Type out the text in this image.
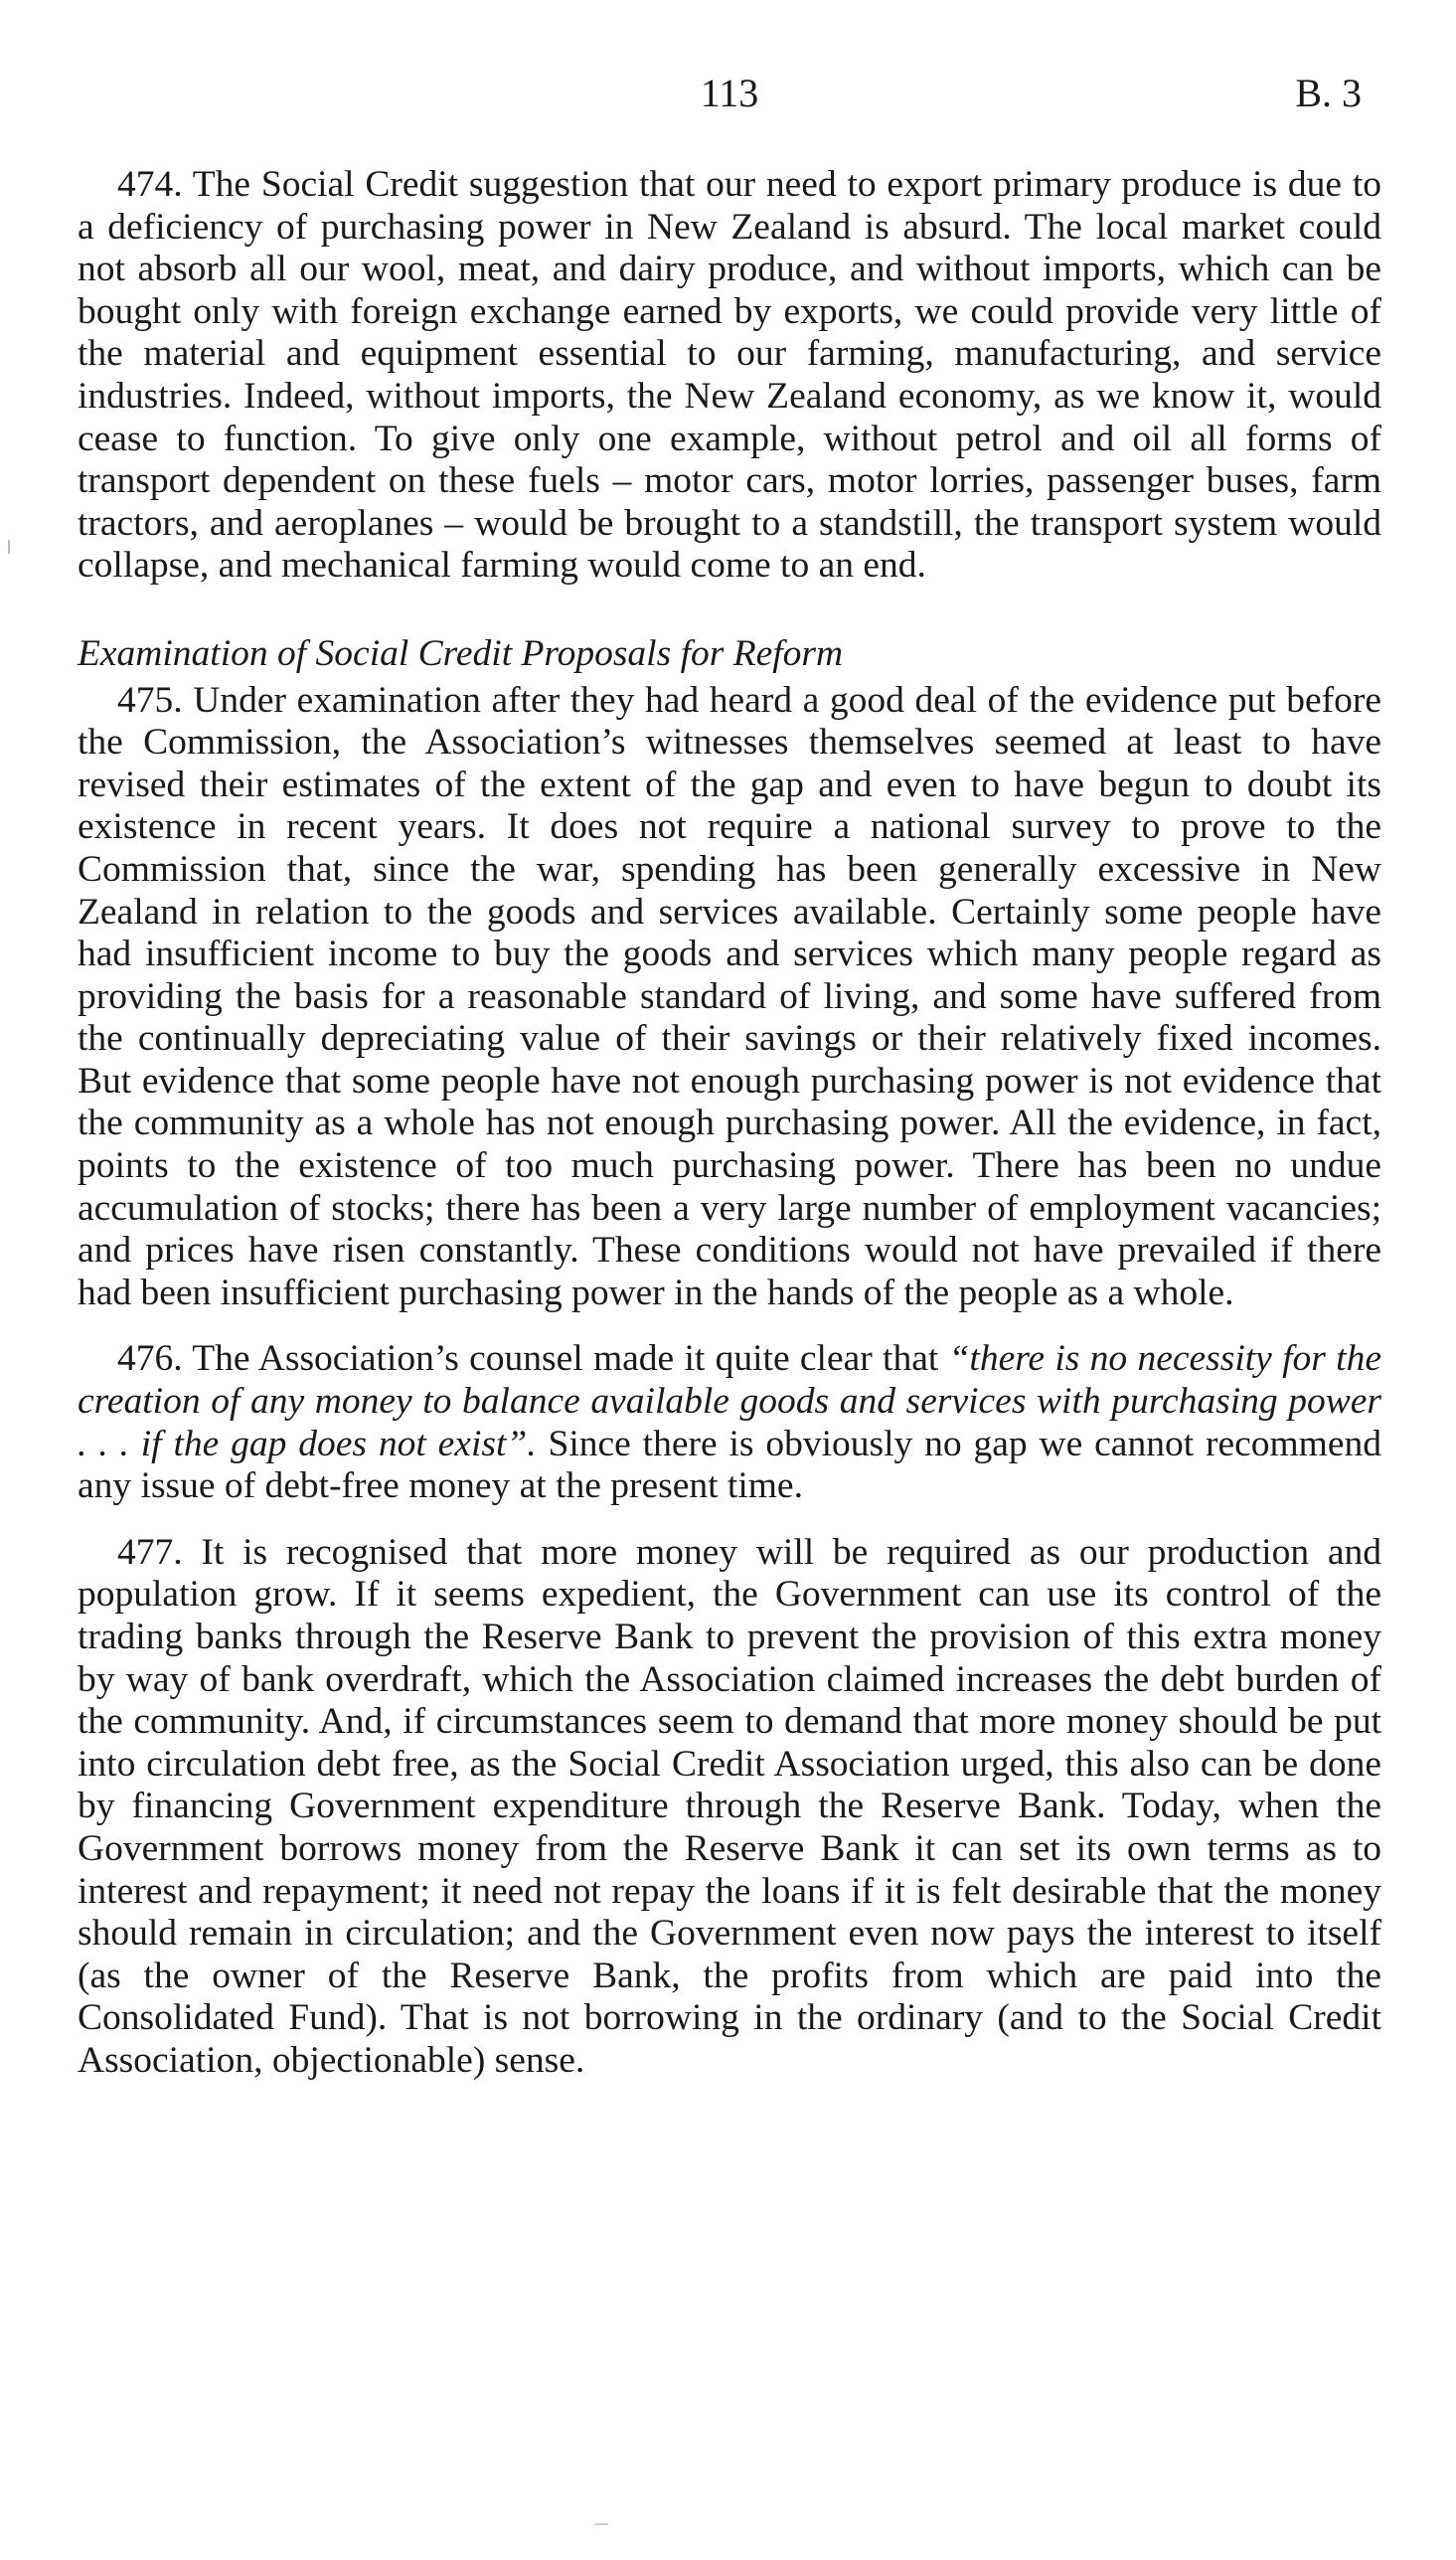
113	B. 3

474. The Social Credit suggestion that our need to export primary produce is due to a deficiency of purchasing power in New Zealand is absurd. The local market could not absorb all our wool, meat, and dairy produce, and without imports, which can be bought only with foreign exchange earned by exports, we could provide very little of the material and equipment essential to our farming, manufacturing, and service industries. Indeed, without imports, the New Zealand economy, as we know it, would cease to function. To give only one example, without petrol and oil all forms of transport dependent on these fuels – motor cars, motor lorries, passenger buses, farm tractors, and aeroplanes – would be brought to a standstill, the transport system would collapse, and mechanical farming would come to an end.

Examination of Social Credit Proposals for Reform

475. Under examination after they had heard a good deal of the evidence put before the Commission, the Association’s witnesses themselves seemed at least to have revised their estimates of the extent of the gap and even to have begun to doubt its existence in recent years. It does not require a national survey to prove to the Commission that, since the war, spending has been generally excessive in New Zealand in relation to the goods and services available. Certainly some people have had insufficient income to buy the goods and services which many people regard as providing the basis for a reasonable standard of living, and some have suffered from the continually depreciating value of their savings or their relatively fixed incomes. But evidence that some people have not enough purchasing power is not evidence that the community as a whole has not enough purchasing power. All the evidence, in fact, points to the existence of too much purchasing power. There has been no undue accumulation of stocks; there has been a very large number of employment vacancies; and prices have risen constantly. These conditions would not have prevailed if there had been insufficient purchasing power in the hands of the people as a whole.

476. The Association’s counsel made it quite clear that “there is no necessity for the creation of any money to balance available goods and services with purchasing power . . . if the gap does not exist”. Since there is obviously no gap we cannot recommend any issue of debt-free money at the present time.

477. It is recognised that more money will be required as our production and population grow. If it seems expedient, the Government can use its control of the trading banks through the Reserve Bank to prevent the provision of this extra money by way of bank overdraft, which the Association claimed increases the debt burden of the community. And, if circumstances seem to demand that more money should be put into circulation debt free, as the Social Credit Association urged, this also can be done by financing Government expenditure through the Reserve Bank. Today, when the Government borrows money from the Reserve Bank it can set its own terms as to interest and repayment; it need not repay the loans if it is felt desirable that the money should remain in circulation; and the Government even now pays the interest to itself (as the owner of the Reserve Bank, the profits from which are paid into the Consolidated Fund). That is not borrowing in the ordinary (and to the Social Credit Association, objectionable) sense.
